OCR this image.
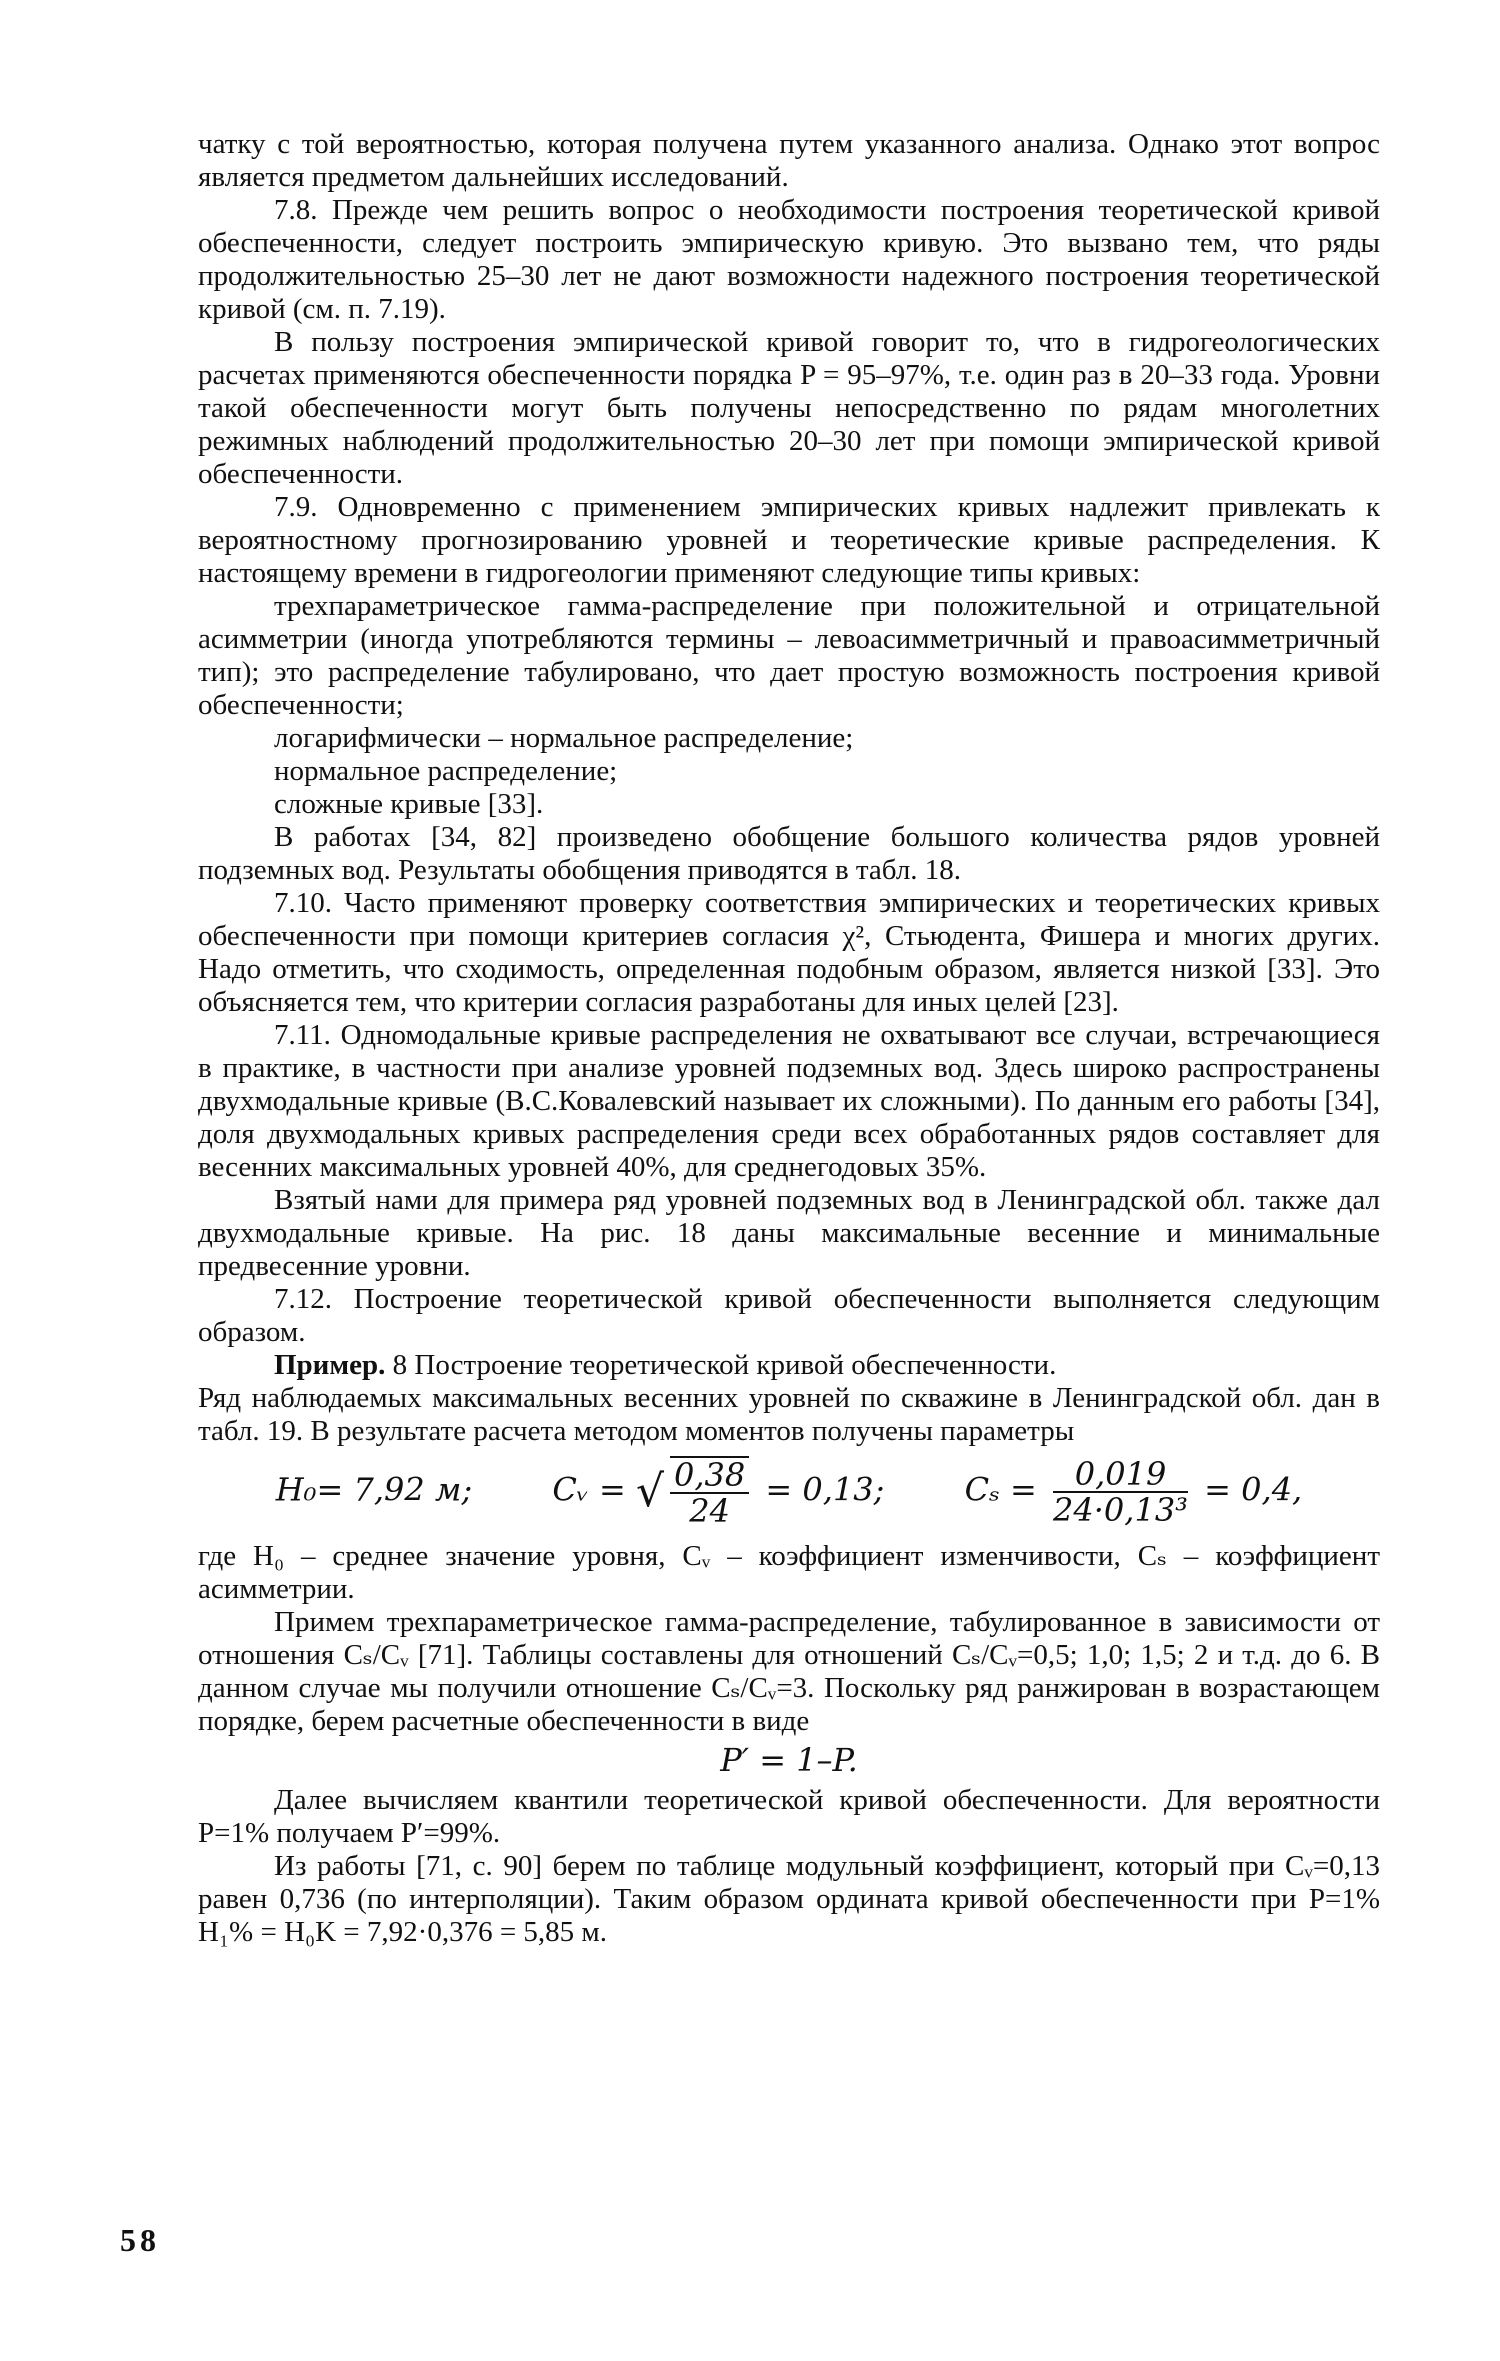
чатку с той вероятностью, которая получена путем указанного анализа. Однако этот вопрос является предметом дальнейших исследований.

7.8. Прежде чем решить вопрос о необходимости построения теоретической кривой обеспеченности, следует построить эмпирическую кривую. Это вызвано тем, что ряды продолжительностью 25–30 лет не дают возможности надежного построения теоретической кривой (см. п. 7.19).

В пользу построения эмпирической кривой говорит то, что в гидрогеологических расчетах применяются обеспеченности порядка P = 95–97%, т.е. один раз в 20–33 года. Уровни такой обеспеченности могут быть получены непосредственно по рядам многолетних режимных наблюдений продолжительностью 20–30 лет при помощи эмпирической кривой обеспеченности.

7.9. Одновременно с применением эмпирических кривых надлежит привлекать к вероятностному прогнозированию уровней и теоретические кривые распределения. К настоящему времени в гидрогеологии применяют следующие типы кривых:

трехпараметрическое гамма-распределение при положительной и отрицательной асимметрии (иногда употребляются термины – левоасимметричный и правоасимметричный тип); это распределение табулировано, что дает простую возможность построения кривой обеспеченности;

логарифмически – нормальное распределение;

нормальное распределение;

сложные кривые [33].

В работах [34, 82] произведено обобщение большого количества рядов уровней подземных вод. Результаты обобщения приводятся в табл. 18.

7.10. Часто применяют проверку соответствия эмпирических и теоретических кривых обеспеченности при помощи критериев согласия χ², Стьюдента, Фишера и многих других. Надо отметить, что сходимость, определенная подобным образом, является низкой [33]. Это объясняется тем, что критерии согласия разработаны для иных целей [23].

7.11. Одномодальные кривые распределения не охватывают все случаи, встречающиеся в практике, в частности при анализе уровней подземных вод. Здесь широко распространены двухмодальные кривые (В.С.Ковалевский называет их сложными). По данным его работы [34], доля двухмодальных кривых распределения среди всех обработанных рядов составляет для весенних максимальных уровней 40%, для среднегодовых 35%.

Взятый нами для примера ряд уровней подземных вод в Ленинградской обл. также дал двухмодальные кривые. На рис. 18 даны максимальные весенние и минимальные предвесенние уровни.

7.12. Построение теоретической кривой обеспеченности выполняется следующим образом.

Пример. 8 Построение теоретической кривой обеспеченности.

Ряд наблюдаемых максимальных весенних уровней по скважине в Ленинградской обл. дан в табл. 19. В результате расчета методом моментов получены параметры

H₀= 7,92 м;	Cᵥ = √ $\frac{0,38}{24} = 0,13$;	$C_s = \frac{0,019}{\text{24·0,13³}} = 0,4$,

где H₀ – среднее значение уровня, Cᵥ – коэффициент изменчивости, Cₛ – коэффициент асимметрии.

Примем трехпараметрическое гамма-распределение, табулированное в зависимости от отношения Cₛ/Cᵥ [71]. Таблицы составлены для отношений Cₛ/Cᵥ=0,5; 1,0; 1,5; 2 и т.д. до 6. В данном случае мы получили отношение Cₛ/Cᵥ=3. Поскольку ряд ранжирован в возрастающем порядке, берем расчетные обеспеченности в виде

P′ = 1–P.

Далее вычисляем квантили теоретической кривой обеспеченности. Для вероятности P=1% получаем P′=99%.

Из работы [71, с. 90] берем по таблице модульный коэффициент, который при Cᵥ=0,13 равен 0,736 (по интерполяции). Таким образом ордината кривой обеспеченности при P=1% H₁% = H₀K = 7,92·0,376 = 5,85 м.

58
